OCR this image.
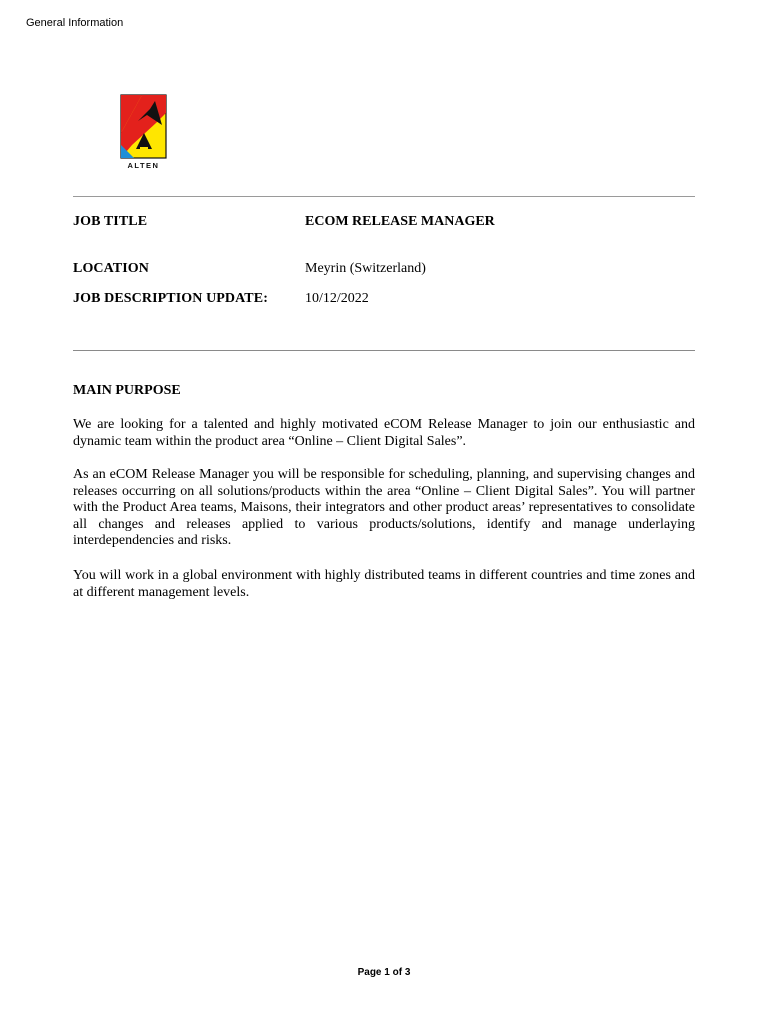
General Information
ALTEN
JOB TITLE	ECOM RELEASE MANAGER
LOCATION	Meyrin (Switzerland)
JOB DESCRIPTION UPDATE:	10/12/2022
MAIN PURPOSE

We are looking for a talented and highly motivated eCOM Release Manager to join our enthusiastic and dynamic team within the product area “Online – Client Digital Sales”.

As an eCOM Release Manager you will be responsible for scheduling, planning, and supervising changes and releases occurring on all solutions/products within the area “Online – Client Digital Sales”. You will partner with the Product Area teams, Maisons, their integrators and other product areas’ representatives to consolidate all changes and releases applied to various products/solutions, identify and manage underlaying interdependencies and risks.

You will work in a global environment with highly distributed teams in different countries and time zones and at different management levels.

Page 1 of 3
